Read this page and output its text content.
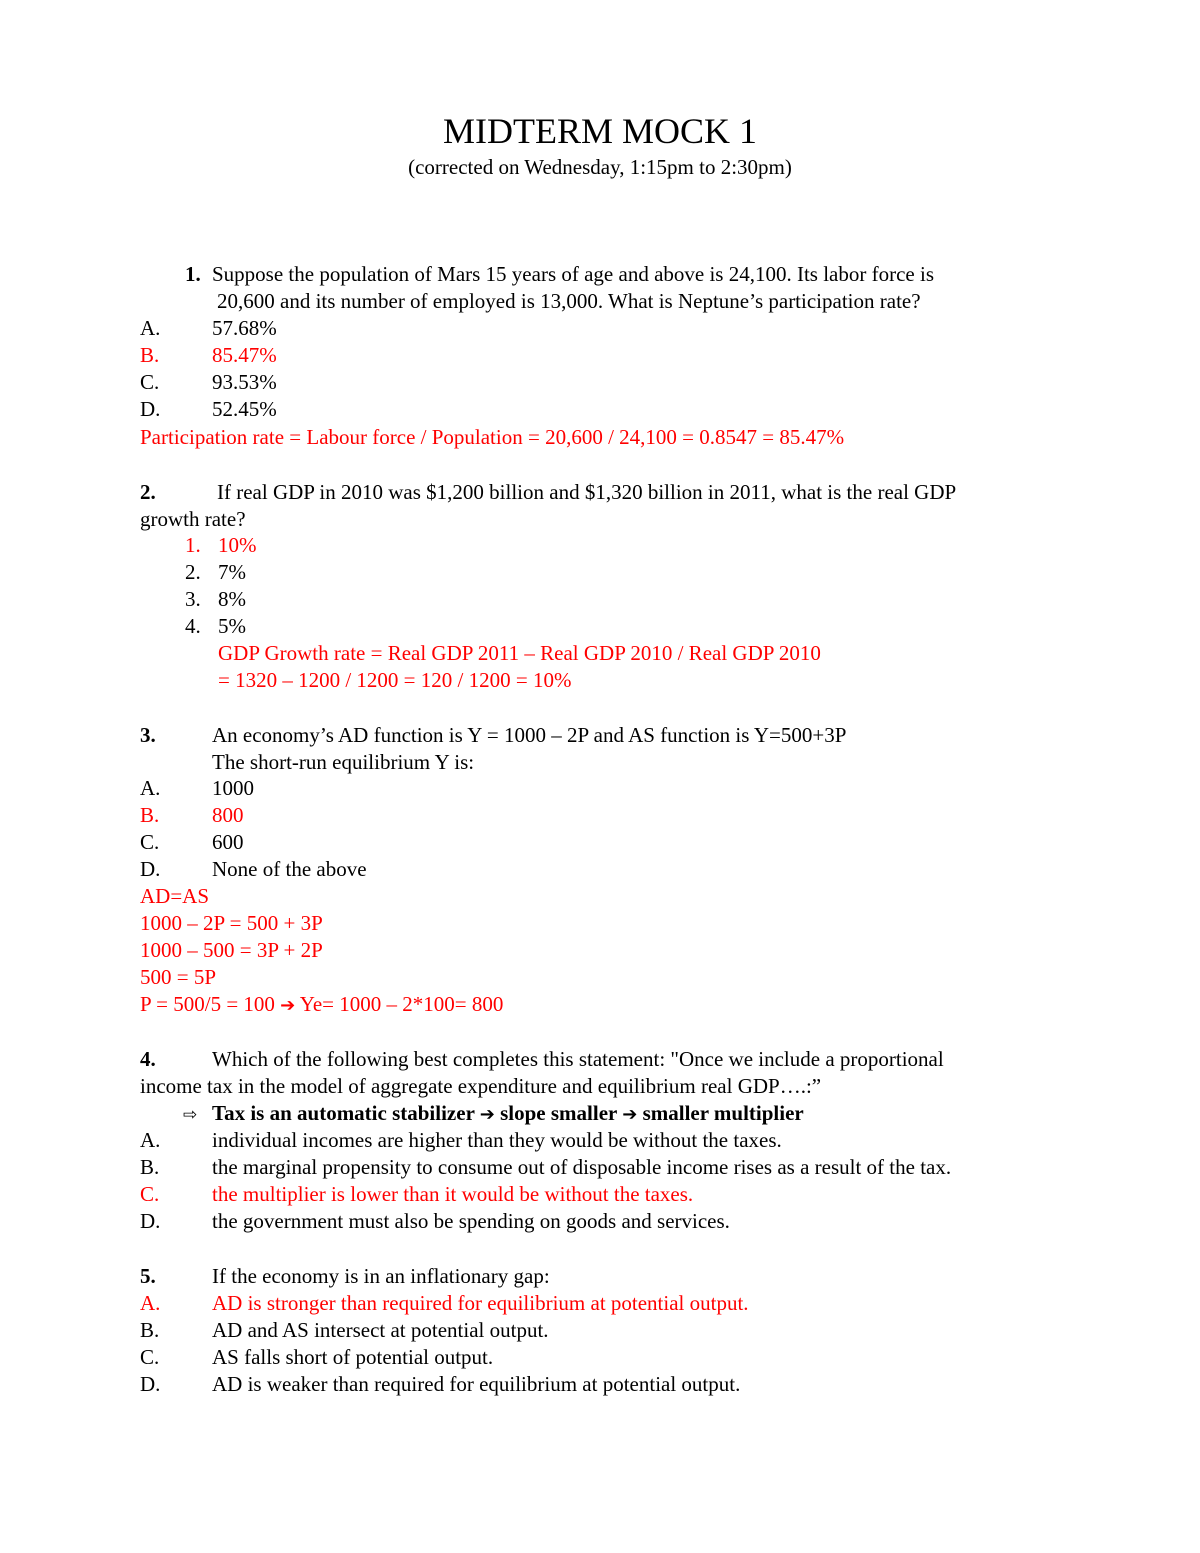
MIDTERM MOCK 1
(corrected on Wednesday, 1:15pm to 2:30pm)
1. Suppose the population of Mars 15 years of age and above is 24,100. Its labor force is
20,600 and its number of employed is 13,000. What is Neptune’s participation rate?
A. 57.68%
B.	85.47%
C.	93.53%
D. 52.45%
Participation rate = Labour force / Population = 20,600 / 24,100 = 0.8547 = 85.47%
2.	If real GDP in 2010 was $1,200 billion and $1,320 billion in 2011, what is the real GDP
growth rate?
1. 10%
2. 7%
3. 8%
4. 5%
GDP Growth rate = Real GDP 2011 – Real GDP 2010 / Real GDP 2010
= 1320 – 1200 / 1200 = 120 / 1200 = 10%
3.	An economy’s AD function is Y = 1000 – 2P and AS function is Y=500+3P
The short-run equilibrium Y is:
A. 1000
B.	800
C.	600
D. None of the above
AD=AS
1000 – 2P = 500 + 3P
1000 – 500 = 3P + 2P
500 = 5P
P = 500/5 = 100 ➔ Ye= 1000 – 2*100= 800
4.	Which of the following best completes this statement: "Once we include a proportional
income tax in the model of aggregate expenditure and equilibrium real GDP….:”
⇨ Tax is an automatic stabilizer ➔ slope smaller ➔ smaller multiplier
A. individual incomes are higher than they would be without the taxes.
B.	the marginal propensity to consume out of disposable income rises as a result of the tax.
C.	the multiplier is lower than it would be without the taxes.
D. the government must also be spending on goods and services.
5.	If the economy is in an inflationary gap:
A. AD is stronger than required for equilibrium at potential output.
B.	AD and AS intersect at potential output.
C.	AS falls short of potential output.
D. AD is weaker than required for equilibrium at potential output.
